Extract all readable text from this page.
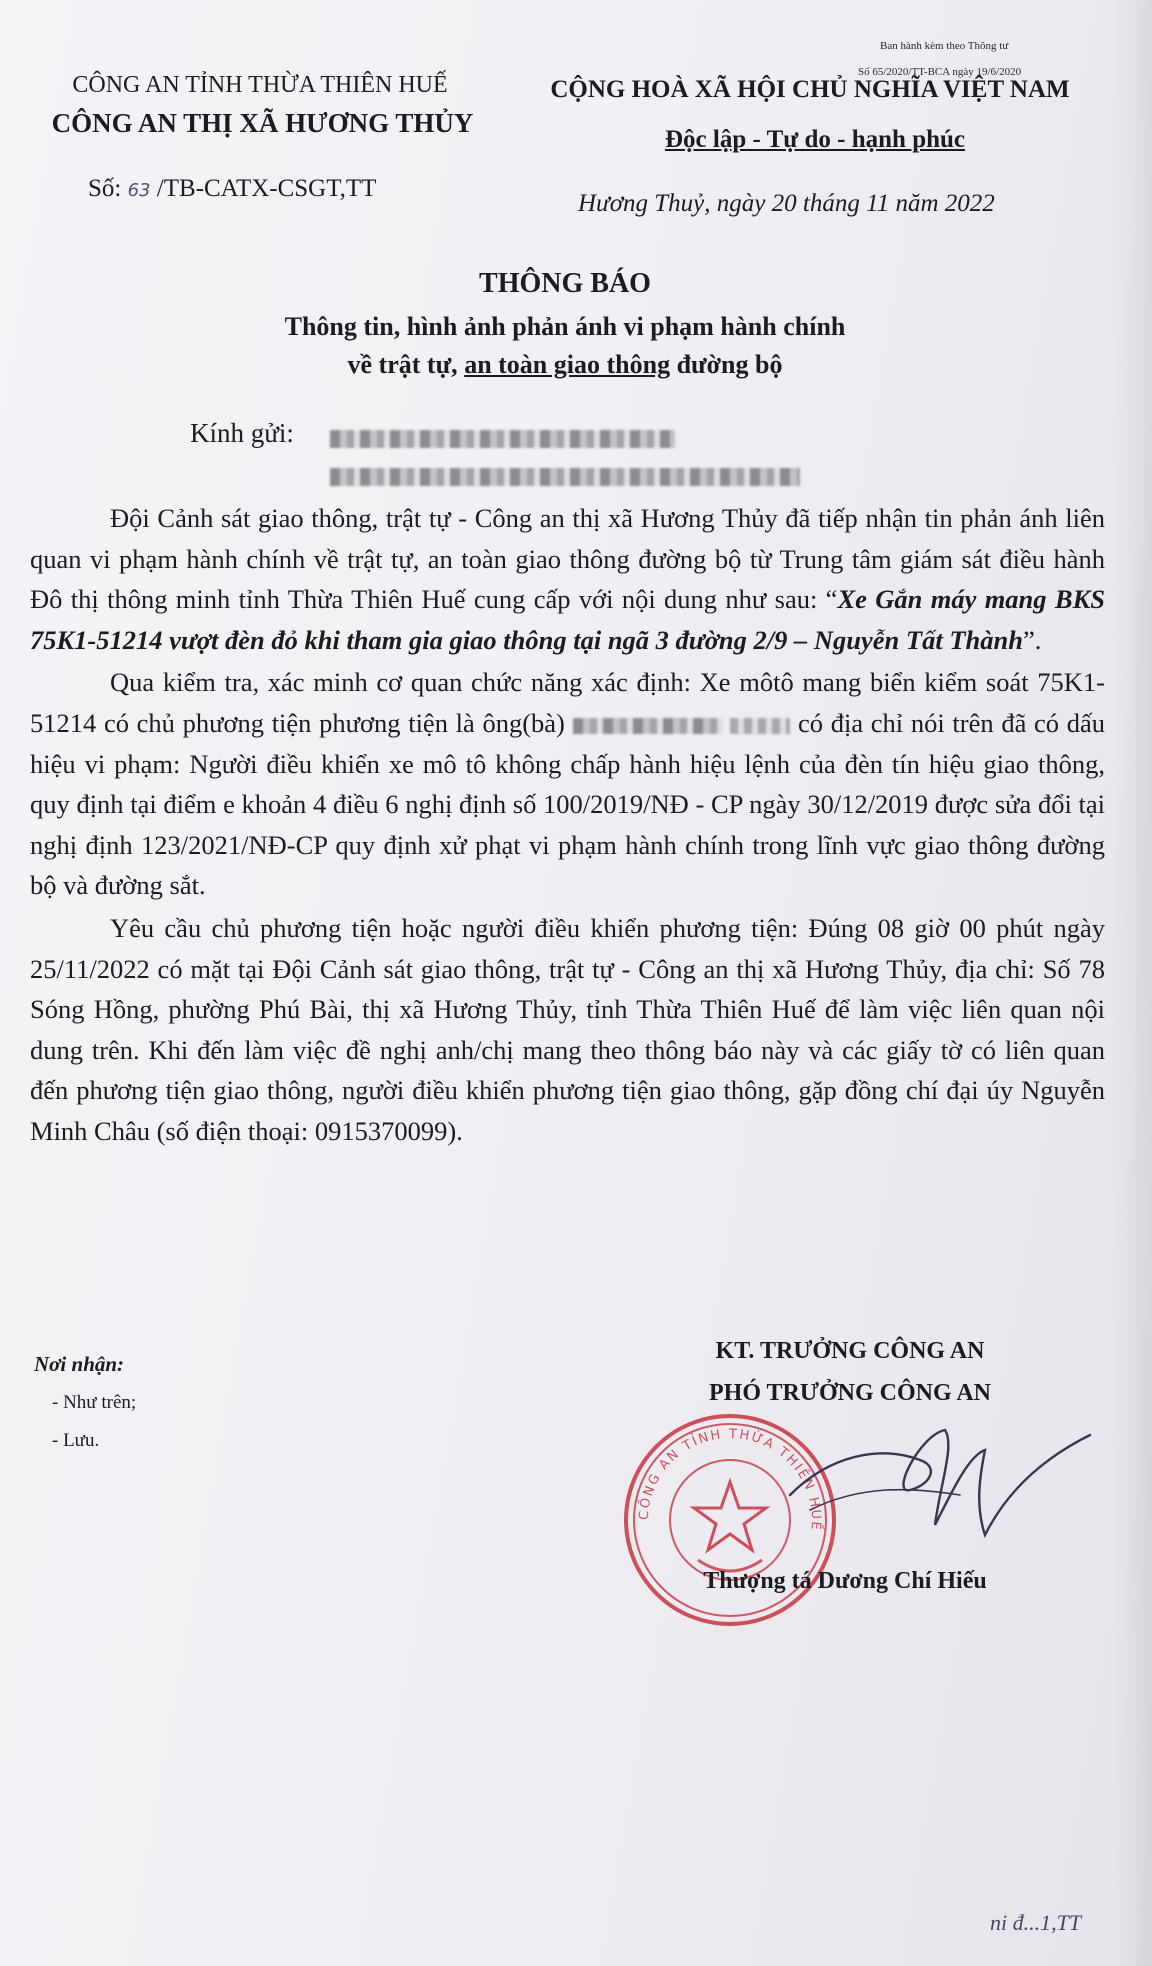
Ban hành kèm theo Thông tư
Số 65/2020/TT-BCA ngày 19/6/2020
CÔNG AN TỈNH THỪA THIÊN HUẾ
CÔNG AN THỊ XÃ HƯƠNG THỦY
CỘNG HOÀ XÃ HỘI CHỦ NGHĨA VIỆT NAM
Độc lập - Tự do - hạnh phúc
Số: 63 /TB-CATX-CSGT,TT
Hương Thuỷ, ngày 20 tháng 11 năm 2022
THÔNG BÁO
Thông tin, hình ảnh phản ánh vi phạm hành chính
về trật tự, an toàn giao thông đường bộ
Kính gửi:

Đội Cảnh sát giao thông, trật tự - Công an thị xã Hương Thủy đã tiếp nhận tin phản ánh liên quan vi phạm hành chính về trật tự, an toàn giao thông đường bộ từ Trung tâm giám sát điều hành Đô thị thông minh tỉnh Thừa Thiên Huế cung cấp với nội dung như sau: “Xe Gắn máy mang BKS 75K1-51214 vượt đèn đỏ khi tham gia giao thông tại ngã 3 đường 2/9 – Nguyễn Tất Thành”.

Qua kiểm tra, xác minh cơ quan chức năng xác định: Xe môtô mang biển kiểm soát 75K1-51214 có chủ phương tiện phương tiện là ông(bà)	có địa chỉ nói trên đã có dấu hiệu vi phạm: Người điều khiển xe mô tô không chấp hành hiệu lệnh của đèn tín hiệu giao thông, quy định tại điểm e khoản 4 điều 6 nghị định số 100/2019/NĐ - CP ngày 30/12/2019 được sửa đổi tại nghị định 123/2021/NĐ-CP quy định xử phạt vi phạm hành chính trong lĩnh vực giao thông đường bộ và đường sắt.

Yêu cầu chủ phương tiện hoặc người điều khiển phương tiện: Đúng 08 giờ 00 phút ngày 25/11/2022 có mặt tại Đội Cảnh sát giao thông, trật tự - Công an thị xã Hương Thủy, địa chỉ: Số 78 Sóng Hồng, phường Phú Bài, thị xã Hương Thủy, tỉnh Thừa Thiên Huế để làm việc liên quan nội dung trên. Khi đến làm việc đề nghị anh/chị mang theo thông báo này và các giấy tờ có liên quan đến phương tiện giao thông, người điều khiển phương tiện giao thông, gặp đồng chí đại úy Nguyễn Minh Châu (số điện thoại: 0915370099).

Nơi nhận:
- Như trên;
- Lưu.
KT. TRƯỞNG CÔNG AN
PHÓ TRƯỞNG CÔNG AN
CÔNG AN TỈNH THỪA THIÊN HUẾ
Thượng tá Dương Chí Hiếu
ni đ...1,TT
